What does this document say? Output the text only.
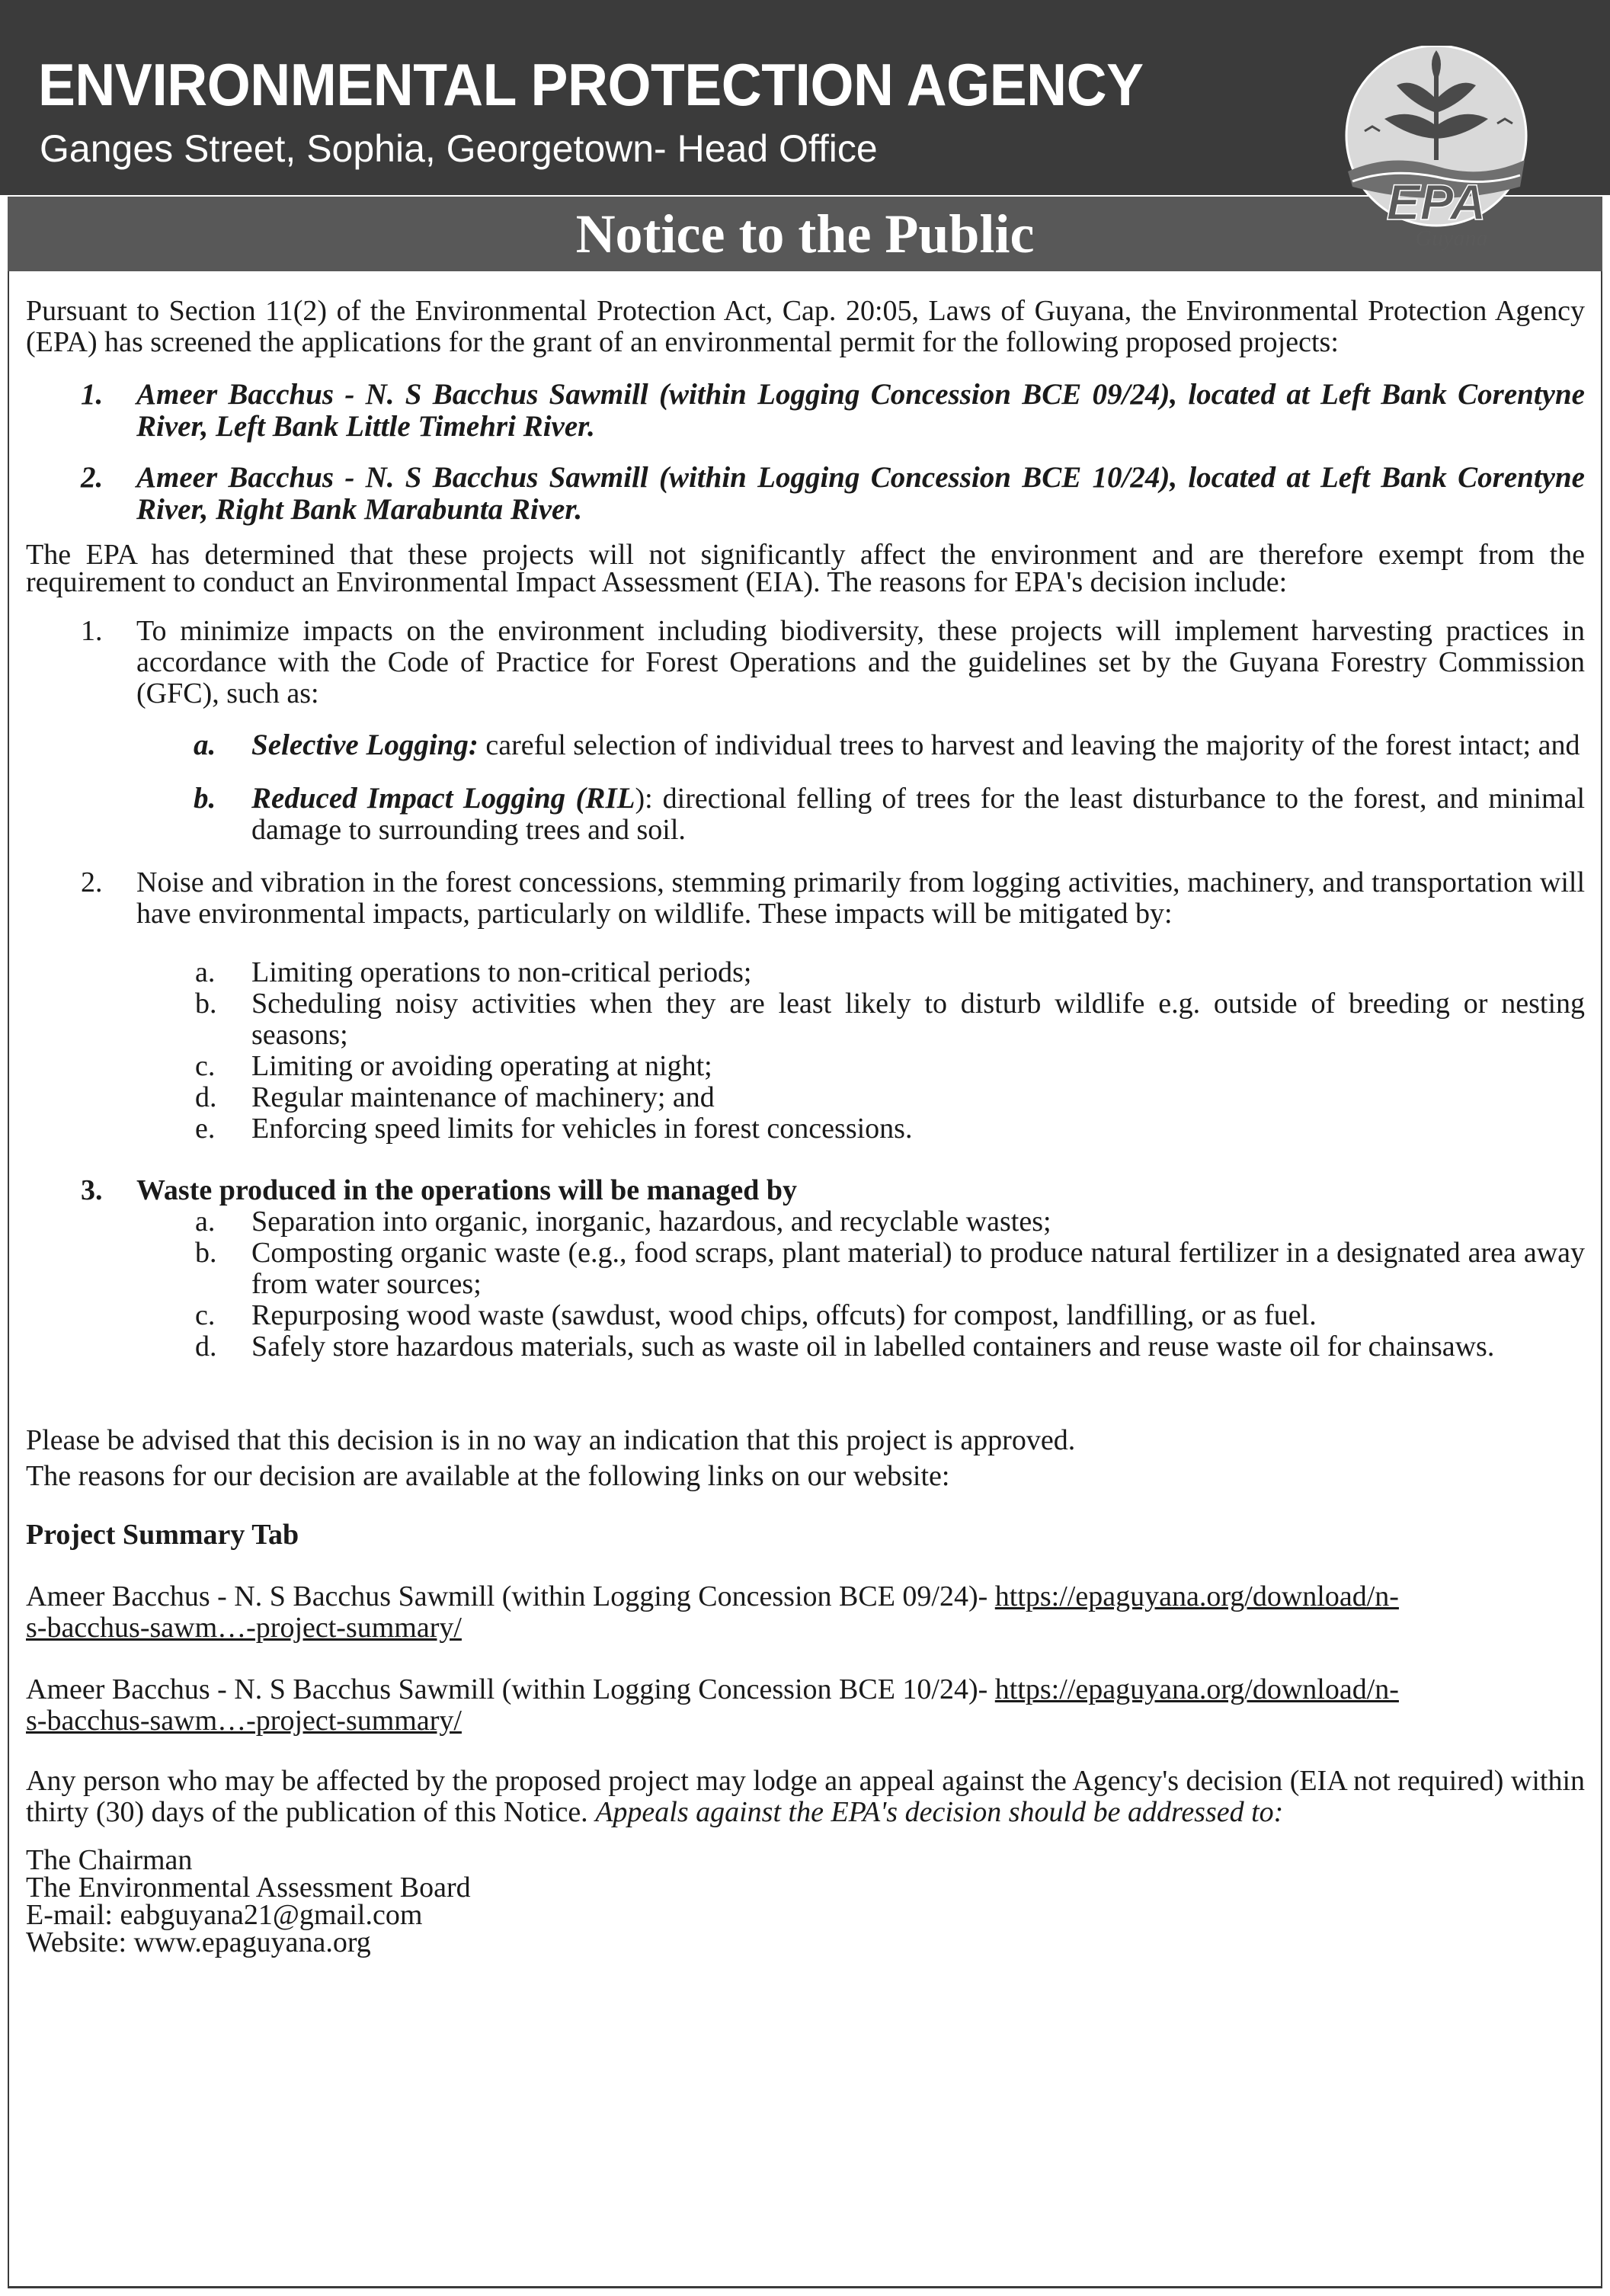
ENVIRONMENTAL PROTECTION AGENCY
Ganges Street, Sophia, Georgetown- Head Office
Notice to the Public
EPA
Guyana
Pursuant to Section 11(2) of the Environmental Protection Act, Cap. 20:05, Laws of Guyana, the Environmental Protection Agency (EPA) has screened the applications for the grant of an environmental permit for the following proposed projects:
1. Ameer Bacchus - N. S Bacchus Sawmill (within Logging Concession BCE 09/24), located at Left Bank Corentyne River, Left Bank Little Timehri River.
2. Ameer Bacchus - N. S Bacchus Sawmill (within Logging Concession BCE 10/24), located at Left Bank Corentyne River, Right Bank Marabunta River.
The EPA has determined that these projects will not significantly affect the environment and are therefore exempt from the requirement to conduct an Environmental Impact Assessment (EIA). The reasons for EPA's decision include:
1. To minimize impacts on the environment including biodiversity, these projects will implement harvesting practices in accordance with the Code of Practice for Forest Operations and the guidelines set by the Guyana Forestry Commission (GFC), such as:
a. Selective Logging: careful selection of individual trees to harvest and leaving the majority of the forest intact; and
b. Reduced Impact Logging (RIL): directional felling of trees for the least disturbance to the forest, and minimal damage to surrounding trees and soil.
2. Noise and vibration in the forest concessions, stemming primarily from logging activities, machinery, and transportation will have environmental impacts, particularly on wildlife. These impacts will be mitigated by:
a. Limiting operations to non-critical periods;
b. Scheduling noisy activities when they are least likely to disturb wildlife e.g. outside of breeding or nesting seasons;
c. Limiting or avoiding operating at night;
d. Regular maintenance of machinery; and
e. Enforcing speed limits for vehicles in forest concessions.
3. Waste produced in the operations will be managed by
a. Separation into organic, inorganic, hazardous, and recyclable wastes;
b. Composting organic waste (e.g., food scraps, plant material) to produce natural fertilizer in a designated area away from water sources;
c. Repurposing wood waste (sawdust, wood chips, offcuts) for compost, landfilling, or as fuel.
d. Safely store hazardous materials, such as waste oil in labelled containers and reuse waste oil for chainsaws.
Please be advised that this decision is in no way an indication that this project is approved.
The reasons for our decision are available at the following links on our website:
Project Summary Tab
Ameer Bacchus - N. S Bacchus Sawmill (within Logging Concession BCE 09/24)- https://epaguyana.org/download/n-
s-bacchus-sawm…-project-summary/
Ameer Bacchus - N. S Bacchus Sawmill (within Logging Concession BCE 10/24)- https://epaguyana.org/download/n-
s-bacchus-sawm…-project-summary/
Any person who may be affected by the proposed project may lodge an appeal against the Agency's decision (EIA not required) within thirty (30) days of the publication of this Notice. Appeals against the EPA's decision should be addressed to:
The Chairman
The Environmental Assessment Board
E-mail: eabguyana21@gmail.com
Website: www.epaguyana.org
